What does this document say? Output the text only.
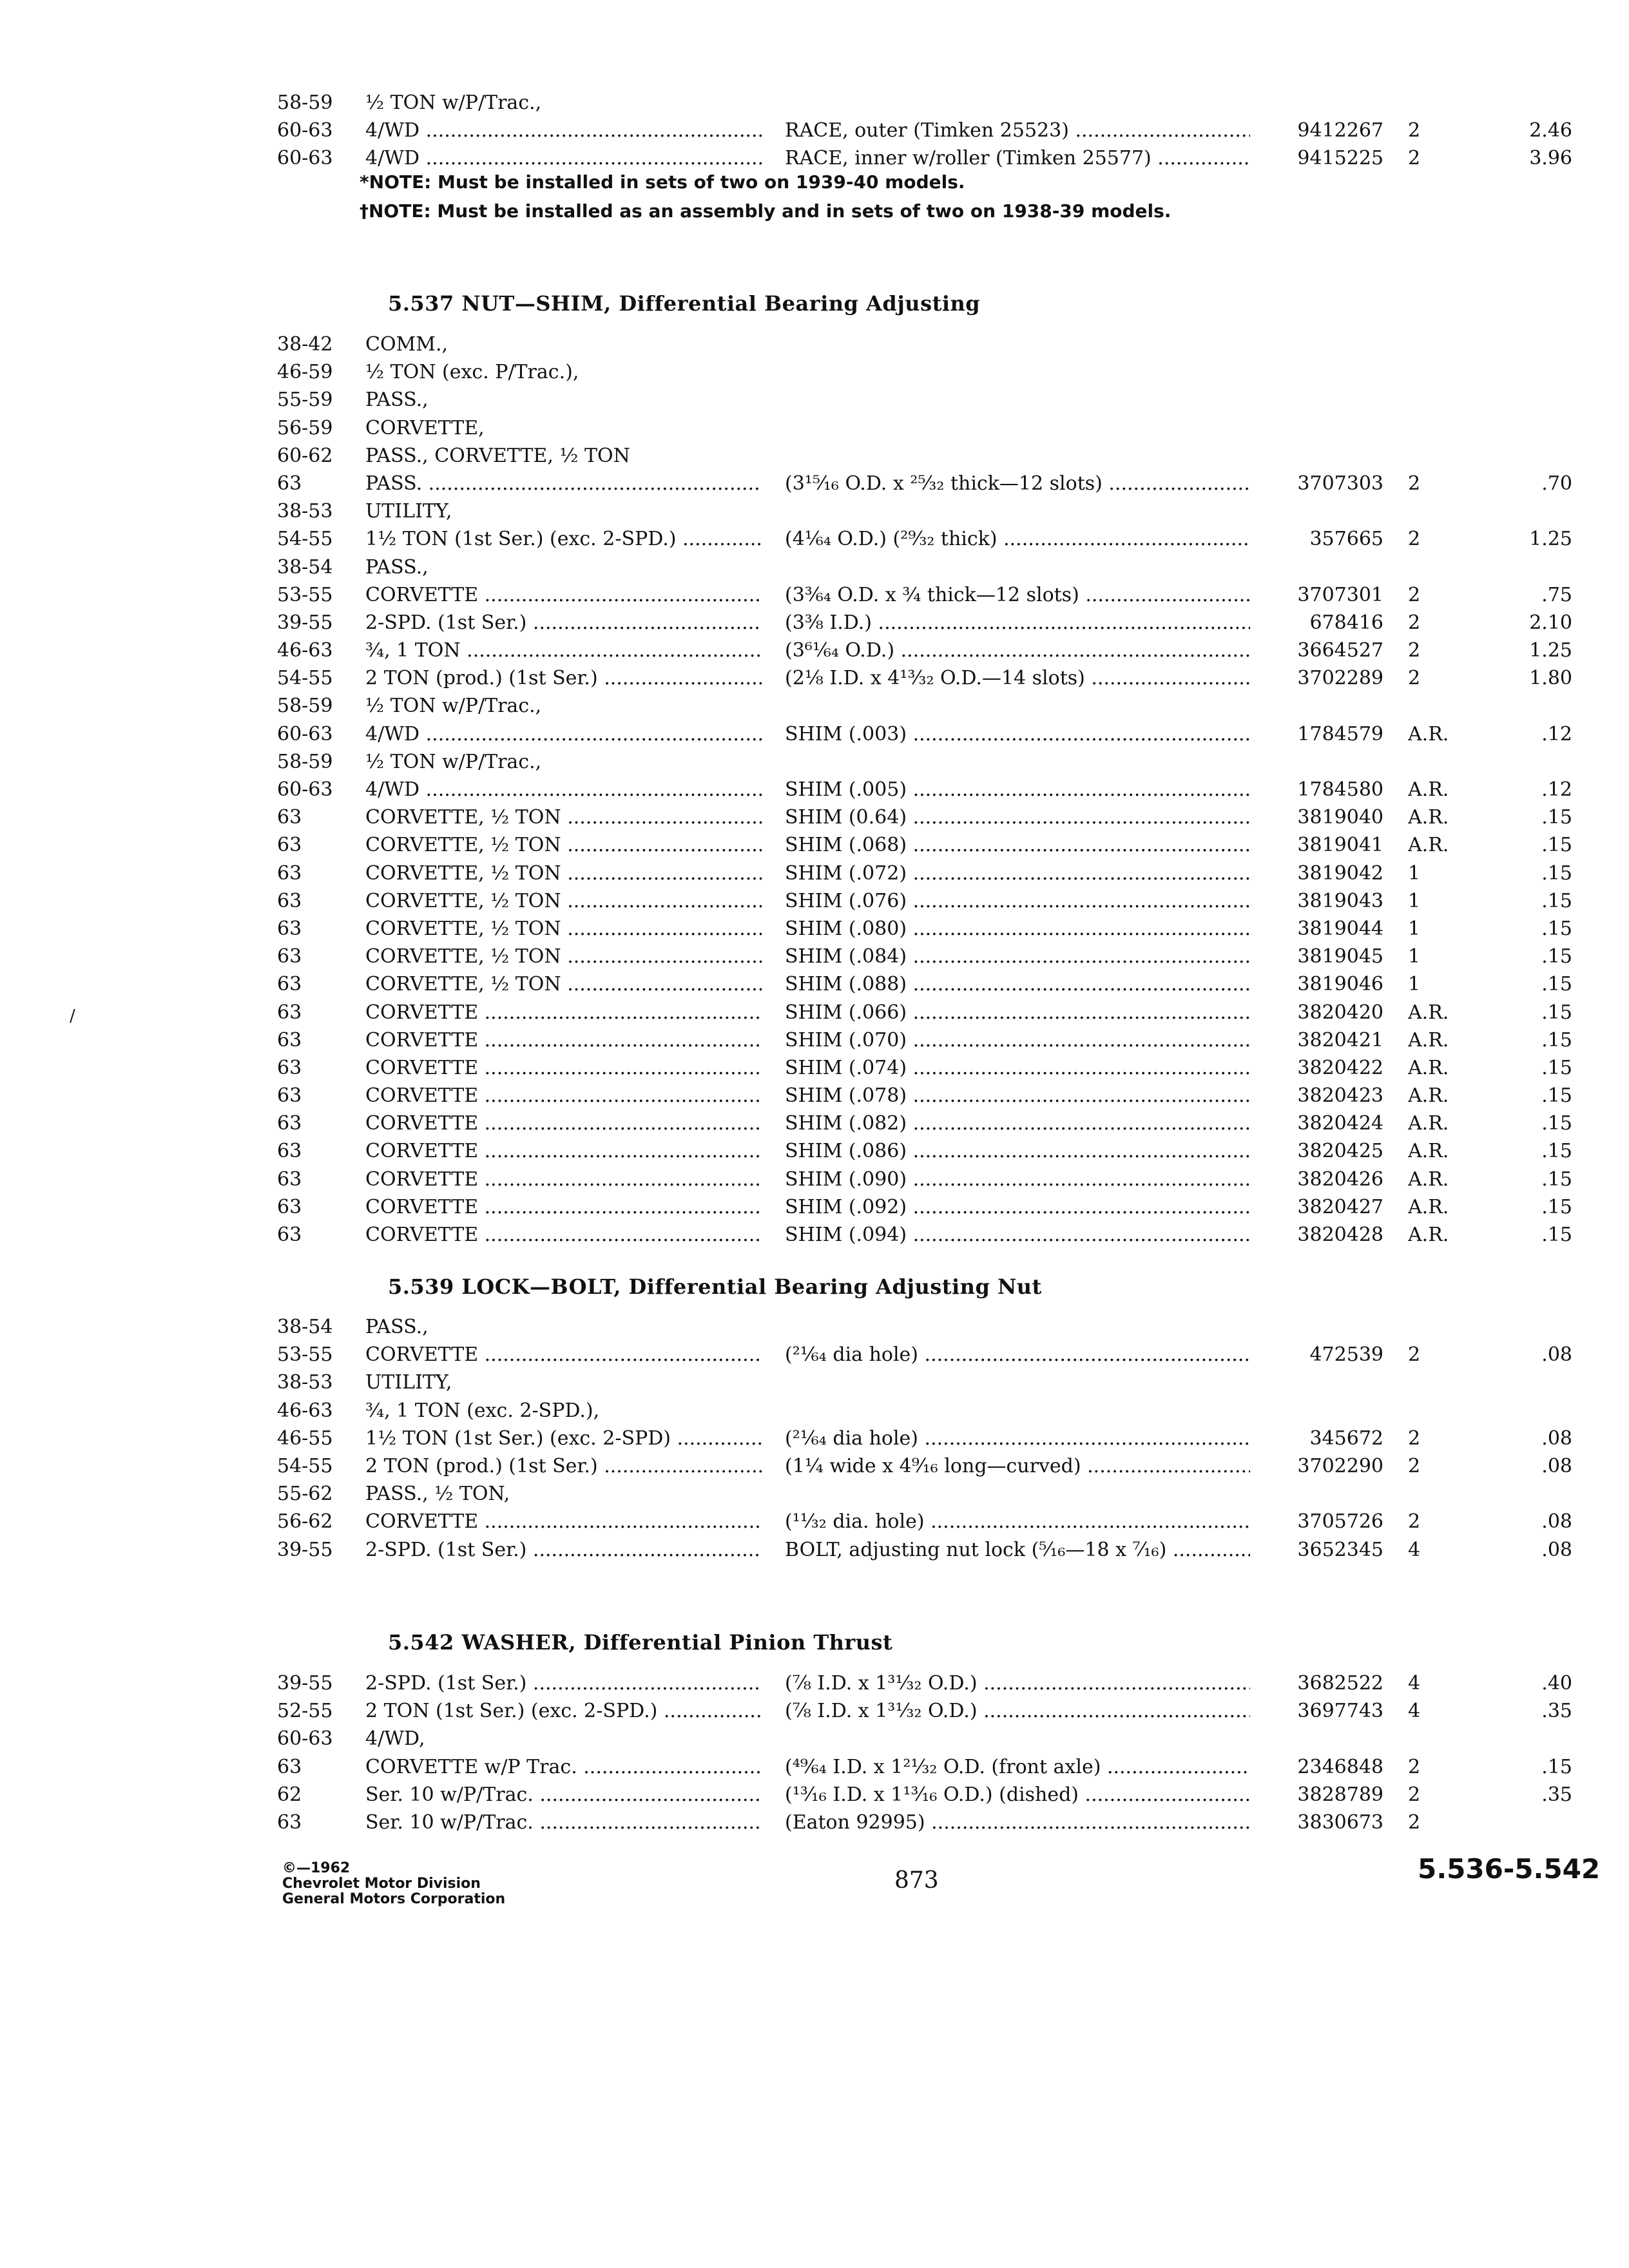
58-59	½ TON w/P/Trac.,
60-63	4/WD .....	RACE, outer (Timken 25523) .....	9412267 2	2.46
60-63	4/WD .....	RACE, inner w/roller (Timken 25577) .....	9415225 2	3.96
*NOTE: Must be installed in sets of two on 1939-40 models.
†NOTE: Must be installed as an assembly and in sets of two on 1938-39 models.
5.537 NUT—SHIM, Differential Bearing Adjusting
38-42	COMM.,
46-59	½ TON (exc. P/Trac.),
55-59	PASS.,
56-59	CORVETTE,
60-62	PASS., CORVETTE, ½ TON
63	PASS. .....	(3¹⁵⁄₁₆ O.D. x ²⁵⁄₃₂ thick—12 slots) .....	3707303 2	.70
38-53	UTILITY,
54-55	1½ TON (1st Ser.) (exc. 2-SPD.) .....	(4¹⁄₆₄ O.D.) (²⁹⁄₃₂ thick) .....	357665 2	1.25
38-54	PASS.,
53-55	CORVETTE .....	(3³⁄₆₄ O.D. x ¾ thick—12 slots) .....	3707301 2	.75
39-55	2-SPD. (1st Ser.) .....	(3⅜ I.D.) .....	678416 2	2.10
46-63	¾, 1 TON .....	(3⁶¹⁄₆₄ O.D.) .....	3664527 2	1.25
54-55	2 TON (prod.) (1st Ser.) .....	(2⅛ I.D. x 4¹³⁄₃₂ O.D.—14 slots) .....	3702289 2	1.80
58-59	½ TON w/P/Trac.,
60-63	4/WD .....	SHIM (.003) .....	1784579 A.R.	.12
58-59	½ TON w/P/Trac.,
60-63	4/WD .....	SHIM (.005) .....	1784580 A.R.	.12
63	CORVETTE, ½ TON .....	SHIM (0.64) .....	3819040 A.R.	.15
63	CORVETTE, ½ TON .....	SHIM (.068) .....	3819041 A.R.	.15
63	CORVETTE, ½ TON .....	SHIM (.072) .....	3819042 1	.15
63	CORVETTE, ½ TON .....	SHIM (.076) .....	3819043 1	.15
63	CORVETTE, ½ TON .....	SHIM (.080) .....	3819044 1	.15
63	CORVETTE, ½ TON .....	SHIM (.084) .....	3819045 1	.15
63	CORVETTE, ½ TON .....	SHIM (.088) .....	3819046 1	.15
63	CORVETTE .....	SHIM (.066) .....	3820420 A.R.	.15
63	CORVETTE .....	SHIM (.070) .....	3820421 A.R.	.15
63	CORVETTE .....	SHIM (.074) .....	3820422 A.R.	.15
63	CORVETTE .....	SHIM (.078) .....	3820423 A.R.	.15
63	CORVETTE .....	SHIM (.082) .....	3820424 A.R.	.15
63	CORVETTE .....	SHIM (.086) .....	3820425 A.R.	.15
63	CORVETTE .....	SHIM (.090) .....	3820426 A.R.	.15
63	CORVETTE .....	SHIM (.092) .....	3820427 A.R.	.15
63	CORVETTE .....	SHIM (.094) .....	3820428 A.R.	.15
5.539 LOCK—BOLT, Differential Bearing Adjusting Nut
38-54	PASS.,
53-55	CORVETTE .....	(²¹⁄₆₄ dia hole) .....	472539 2	.08
38-53	UTILITY,
46-63	¾, 1 TON (exc. 2-SPD.),
46-55	1½ TON (1st Ser.) (exc. 2-SPD) .....	(²¹⁄₆₄ dia hole) .....	345672 2	.08
54-55	2 TON (prod.) (1st Ser.) .....	(1¼ wide x 4⁹⁄₁₆ long—curved) .....	3702290 2	.08
55-62	PASS., ½ TON,
56-62	CORVETTE .....	(¹¹⁄₃₂ dia. hole) .....	3705726 2	.08
39-55	2-SPD. (1st Ser.) .....	BOLT, adjusting nut lock (⁵⁄₁₆—18 x ⁷⁄₁₆) .....	3652345 4	.08
5.542 WASHER, Differential Pinion Thrust
39-55	2-SPD. (1st Ser.) .....	(⅞ I.D. x 1³¹⁄₃₂ O.D.) .....	3682522 4	.40
52-55	2 TON (1st Ser.) (exc. 2-SPD.) .....	(⅞ I.D. x 1³¹⁄₃₂ O.D.) .....	3697743 4	.35
60-63	4/WD,
63	CORVETTE w/P Trac. .....	(⁴⁹⁄₆₄ I.D. x 1²¹⁄₃₂ O.D. (front axle) .....	2346848 2	.15
62	Ser. 10 w/P/Trac. .....	(¹³⁄₁₆ I.D. x 1¹³⁄₁₆ O.D.) (dished) .....	3828789 2	.35
63	Ser. 10 w/P/Trac. .....	(Eaton 92995) .....	3830673 2
©—1962
Chevrolet Motor Division
General Motors Corporation
873	5.536-5.542
/
